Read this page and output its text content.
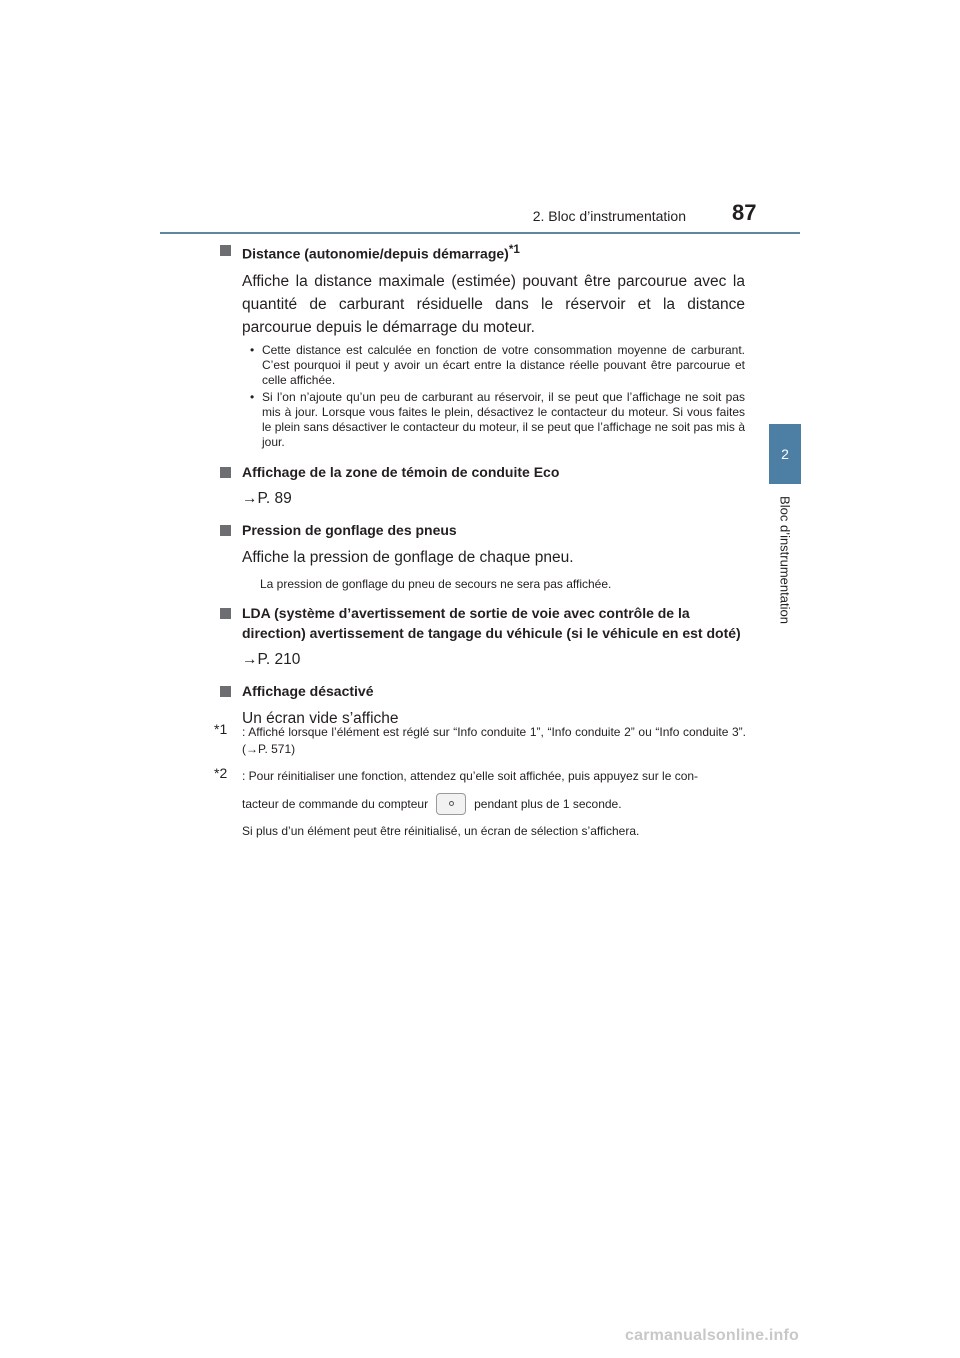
2. Bloc d’instrumentation 87
2
Bloc d’instrumentation
Distance (autonomie/depuis démarrage)$^{*1}$
Affiche la distance maximale (estimée) pouvant être parcourue avec la quantité de carburant résiduelle dans le réservoir et la distance parcourue depuis le démarrage du moteur.
• Cette distance est calculée en fonction de votre consommation moyenne de carburant. C’est pourquoi il peut y avoir un écart entre la distance réelle pouvant être parcourue et celle affichée.
• Si l’on n’ajoute qu’un peu de carburant au réservoir, il se peut que l’affichage ne soit pas mis à jour. Lorsque vous faites le plein, désactivez le contacteur du moteur. Si vous faites le plein sans désactiver le contacteur du moteur, il se peut que l’affichage ne soit pas mis à jour.
Affichage de la zone de témoin de conduite Eco
→P. 89
Pression de gonflage des pneus
Affiche la pression de gonflage de chaque pneu.
La pression de gonflage du pneu de secours ne sera pas affichée.
LDA (système d’avertissement de sortie de voie avec contrôle de la direction) avertissement de tangage du véhicule (si le véhicule en est doté)
→P. 210
Affichage désactivé
Un écran vide s’affiche
*1 : Affiché lorsque l’élément est réglé sur “Info conduite 1”, “Info conduite 2” ou “Info conduite 3”. (→P. 571)
*2 : Pour réinitialiser une fonction, attendez qu’elle soit affichée, puis appuyez sur le con-
tacteur de commande du compteur	pendant plus de 1 seconde.
Si plus d’un élément peut être réinitialisé, un écran de sélection s’affichera.
carmanualsonline.info
